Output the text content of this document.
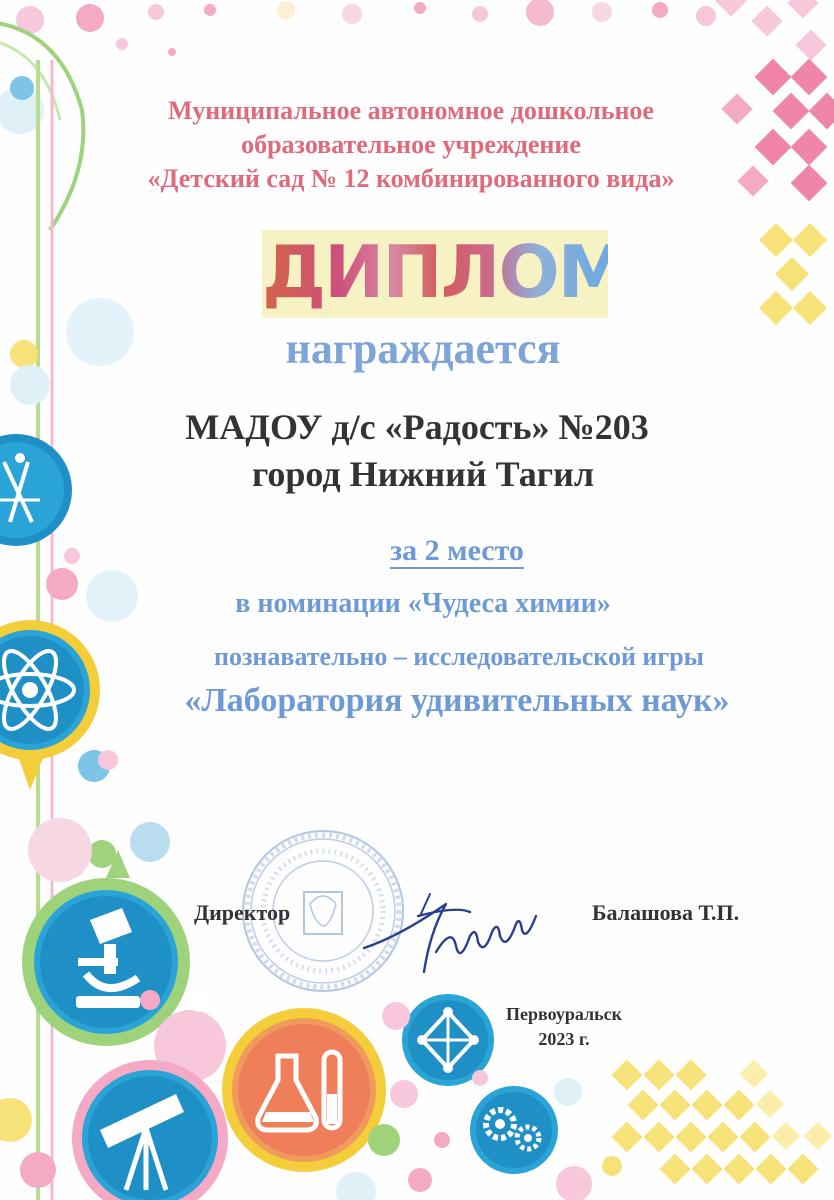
Муниципальное автономное дошкольное

образовательное учреждение

«Детский сад № 12 комбинированного вида»

ДИПЛОМ

награждается

МАДОУ д/с «Радость» №203

город Нижний Тагил

за 2 место

в номинации «Чудеса химии»

познавательно – исследовательской игры

«Лаборатория удивительных наук»

Директор	Балашова Т.П.

Первоуральск

2023 г.
